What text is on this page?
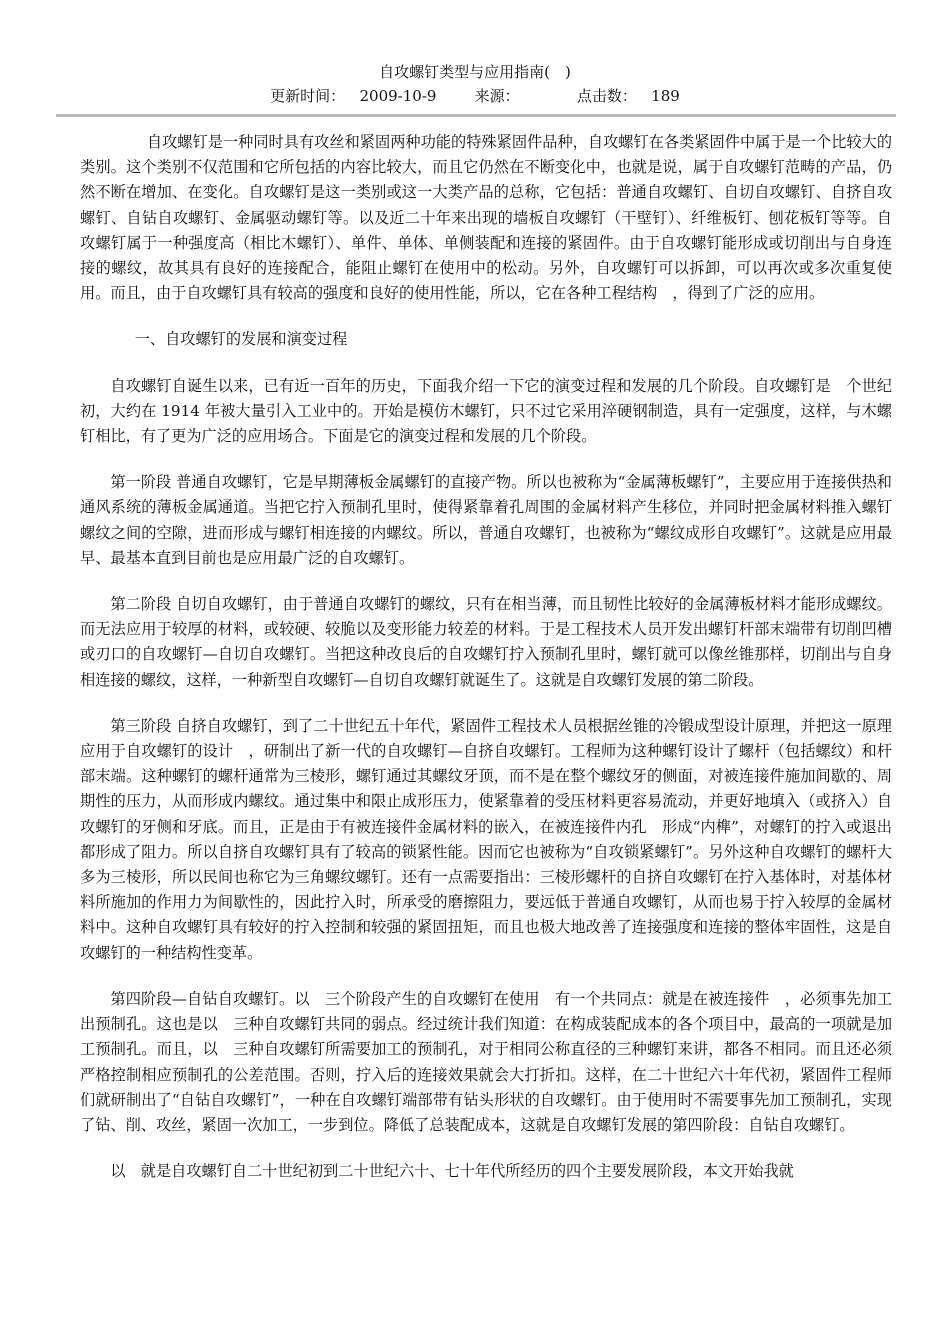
自攻螺钉类型与应用指南(　)
更新时间： 2009-10-9	来源：	点击数： 189

自攻螺钉是一种同时具有攻丝和紧固两种功能的特殊紧固件品种，自攻螺钉在各类紧固件中属于是一个比较大的类别。这个类别不仅范围和它所包括的内容比较大，而且它仍然在不断变化中，也就是说，属于自攻螺钉范畴的产品，仍然不断在增加、在变化。自攻螺钉是这一类别或这一大类产品的总称，它包括：普通自攻螺钉、自切自攻螺钉、自挤自攻螺钉、自钻自攻螺钉、金属驱动螺钉等。以及近二十年来出现的墙板自攻螺钉（干壁钉）、纤维板钉、刨花板钉等等。自攻螺钉属于一种强度高（相比木螺钉）、单件、单体、单侧装配和连接的紧固件。由于自攻螺钉能形成或切削出与自身连接的螺纹，故其具有良好的连接配合，能阻止螺钉在使用中的松动。另外，自攻螺钉可以拆卸，可以再次或多次重复使用。而且，由于自攻螺钉具有较高的强度和良好的使用性能，所以，它在各种工程结构　，得到了广泛的应用。

一、自攻螺钉的发展和演变过程

自攻螺钉自诞生以来，已有近一百年的历史，下面我介绍一下它的演变过程和发展的几个阶段。自攻螺钉是　个世纪初，大约在 1914 年被大量引入工业中的。开始是模仿木螺钉，只不过它采用淬硬钢制造，具有一定强度，这样，与木螺钉相比，有了更为广泛的应用场合。下面是它的演变过程和发展的几个阶段。

第一阶段 普通自攻螺钉，它是早期薄板金属螺钉的直接产物。所以也被称为“金属薄板螺钉”，主要应用于连接供热和通风系统的薄板金属通道。当把它拧入预制孔里时，使得紧靠着孔周围的金属材料产生移位，并同时把金属材料推入螺钉螺纹之间的空隙，进而形成与螺钉相连接的内螺纹。所以，普通自攻螺钉，也被称为“螺纹成形自攻螺钉”。这就是应用最早、最基本直到目前也是应用最广泛的自攻螺钉。

第二阶段 自切自攻螺钉，由于普通自攻螺钉的螺纹，只有在相当薄，而且韧性比较好的金属薄板材料才能形成螺纹。而无法应用于较厚的材料，或较硬、较脆以及变形能力较差的材料。于是工程技术人员开发出螺钉杆部末端带有切削凹槽或刃口的自攻螺钉—自切自攻螺钉。当把这种改良后的自攻螺钉拧入预制孔里时，螺钉就可以像丝锥那样，切削出与自身相连接的螺纹，这样，一种新型自攻螺钉—自切自攻螺钉就诞生了。这就是自攻螺钉发展的第二阶段。

第三阶段 自挤自攻螺钉，到了二十世纪五十年代，紧固件工程技术人员根据丝锥的冷锻成型设计原理，并把这一原理应用于自攻螺钉的设计　，研制出了新一代的自攻螺钉—自挤自攻螺钉。工程师为这种螺钉设计了螺杆（包括螺纹）和杆部末端。这种螺钉的螺杆通常为三棱形，螺钉通过其螺纹牙顶，而不是在整个螺纹牙的侧面，对被连接件施加间歇的、周期性的压力，从而形成内螺纹。通过集中和限止成形压力，使紧靠着的受压材料更容易流动，并更好地填入（或挤入）自攻螺钉的牙侧和牙底。而且，正是由于有被连接件金属材料的嵌入，在被连接件内孔　形成“内榫”，对螺钉的拧入或退出都形成了阻力。所以自挤自攻螺钉具有了较高的锁紧性能。因而它也被称为“自攻锁紧螺钉”。另外这种自攻螺钉的螺杆大多为三棱形，所以民间也称它为三角螺纹螺钉。还有一点需要指出：三棱形螺杆的自挤自攻螺钉在拧入基体时，对基体材料所施加的作用力为间歇性的，因此拧入时，所承受的磨擦阻力，要远低于普通自攻螺钉，从而也易于拧入较厚的金属材料中。这种自攻螺钉具有较好的拧入控制和较强的紧固扭矩，而且也极大地改善了连接强度和连接的整体牢固性，这是自攻螺钉的一种结构性变革。

第四阶段—自钻自攻螺钉。以　三个阶段产生的自攻螺钉在使用　有一个共同点：就是在被连接件　，必须事先加工出预制孔。这也是以　三种自攻螺钉共同的弱点。经过统计我们知道：在构成装配成本的各个项目中，最高的一项就是加工预制孔。而且，以　三种自攻螺钉所需要加工的预制孔，对于相同公称直径的三种螺钉来讲，都各不相同。而且还必须严格控制相应预制孔的公差范围。否则，拧入后的连接效果就会大打折扣。这样，在二十世纪六十年代初，紧固件工程师们就研制出了“自钻自攻螺钉”，一种在自攻螺钉端部带有钻头形状的自攻螺钉。由于使用时不需要事先加工预制孔，实现了钻、削、攻丝，紧固一次加工，一步到位。降低了总装配成本，这就是自攻螺钉发展的第四阶段：自钻自攻螺钉。

以　就是自攻螺钉自二十世纪初到二十世纪六十、七十年代所经历的四个主要发展阶段，本文开始我就
